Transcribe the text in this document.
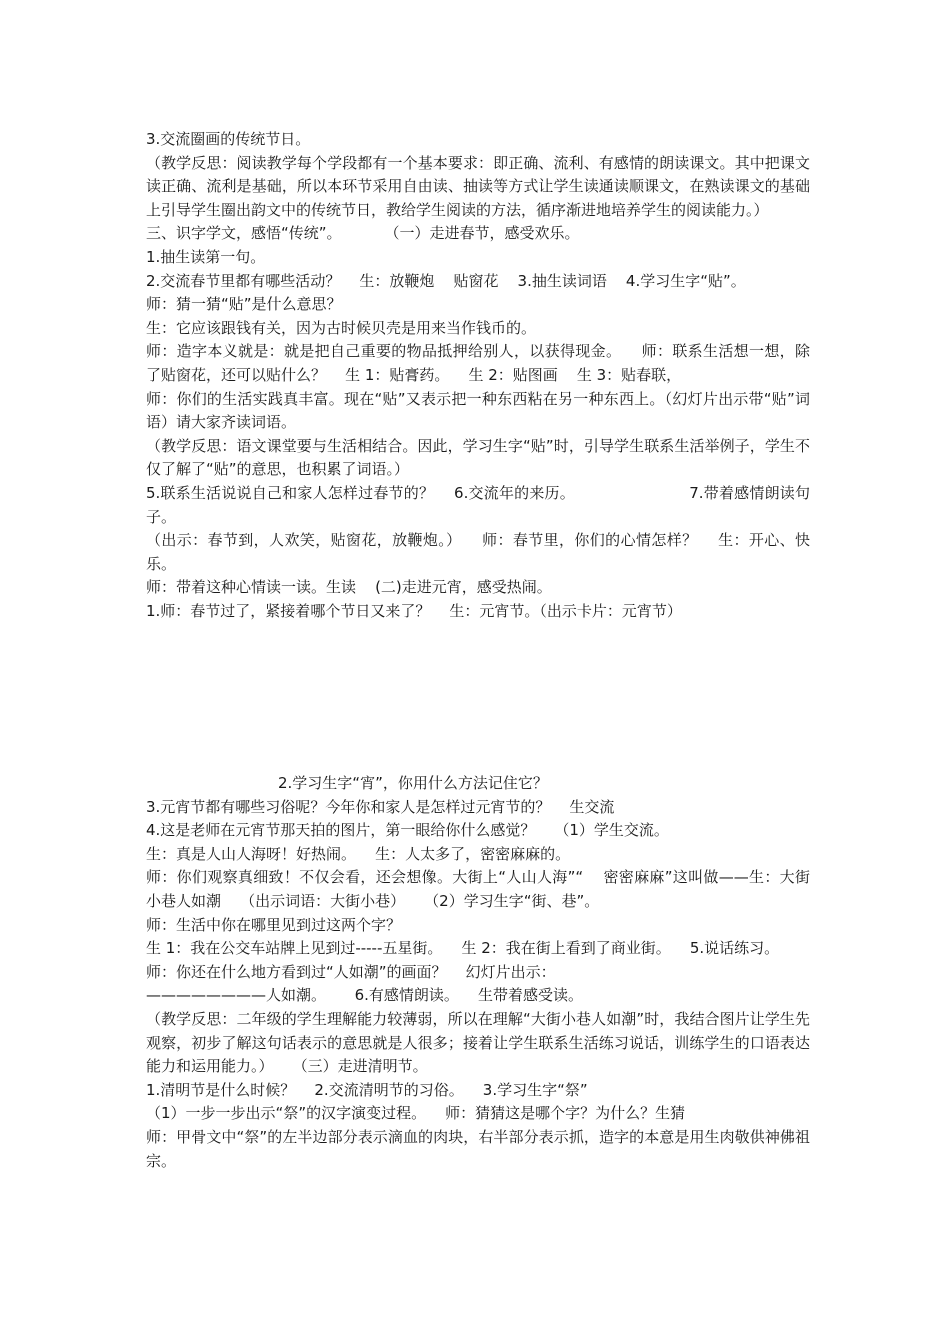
3.交流圈画的传统节日。

（教学反思：阅读教学每个学段都有一个基本要求：即正确、流利、有感情的朗读课文。其中把课文读正确、流利是基础，所以本环节采用自由读、抽读等方式让学生读通读顺课文，在熟读课文的基础上引导学生圈出韵文中的传统节日，教给学生阅读的方法，循序渐进地培养学生的阅读能力。）

三、识字学文，感悟“传统”。         （一）走进春节，感受欢乐。

1.抽生读第一句。

2.交流春节里都有哪些活动？    生：放鞭炮    贴窗花    3.抽生读词语    4.学习生字“贴”。

师：猜一猜“贴”是什么意思？

生：它应该跟钱有关，因为古时候贝壳是用来当作钱币的。

师：造字本义就是：就是把自己重要的物品抵押给别人，以获得现金。    师：联系生活想一想，除了贴窗花，还可以贴什么？    生 1：贴膏药。    生 2：贴图画    生 3：贴春联，

师：你们的生活实践真丰富。现在“贴”又表示把一种东西粘在另一种东西上。（幻灯片出示带“贴”词语）请大家齐读词语。

（教学反思：语文课堂要与生活相结合。因此，学习生字“贴”时，引导学生联系生活举例子，学生不仅了解了“贴”的意思，也积累了词语。）

5.联系生活说说自己和家人怎样过春节的？    6.交流年的来历。                       7.带着感情朗读句子。

（出示：春节到，人欢笑，贴窗花，放鞭炮。）    师：春节里，你们的心情怎样？    生：开心、快乐。

师：带着这种心情读一读。生读    (二)走进元宵，感受热闹。

1.师：春节过了，紧接着哪个节日又来了？    生：元宵节。（出示卡片：元宵节）

2.学习生字“宵”，你用什么方法记住它？

3.元宵节都有哪些习俗呢？今年你和家人是怎样过元宵节的？    生交流

4.这是老师在元宵节那天拍的图片，第一眼给你什么感觉？    （1）学生交流。

生：真是人山人海呀！好热闹。    生：人太多了，密密麻麻的。

师：你们观察真细致！不仅会看，还会想像。大街上“人山人海”“    密密麻麻”这叫做——生：大街小巷人如潮    （出示词语：大街小巷）    （2）学习生字“街、巷”。

师：生活中你在哪里见到过这两个字？

生 1：我在公交车站牌上见到过-----五星街。    生 2：我在街上看到了商业街。    5.说话练习。

师：你还在什么地方看到过“人如潮”的画面？    幻灯片出示：

————————人如潮。      6.有感情朗读。    生带着感受读。

（教学反思：二年级的学生理解能力较薄弱，所以在理解“大街小巷人如潮”时，我结合图片让学生先观察，初步了解这句话表示的意思就是人很多；接着让学生联系生活练习说话，训练学生的口语表达能力和运用能力。）    （三）走进清明节。

1.清明节是什么时候？    2.交流清明节的习俗。    3.学习生字“祭”

（1）一步一步出示“祭”的汉字演变过程。    师：猜猜这是哪个字？为什么？生猜

师：甲骨文中“祭”的左半边部分表示滴血的肉块，右半部分表示抓，造字的本意是用生肉敬供神佛祖宗。
